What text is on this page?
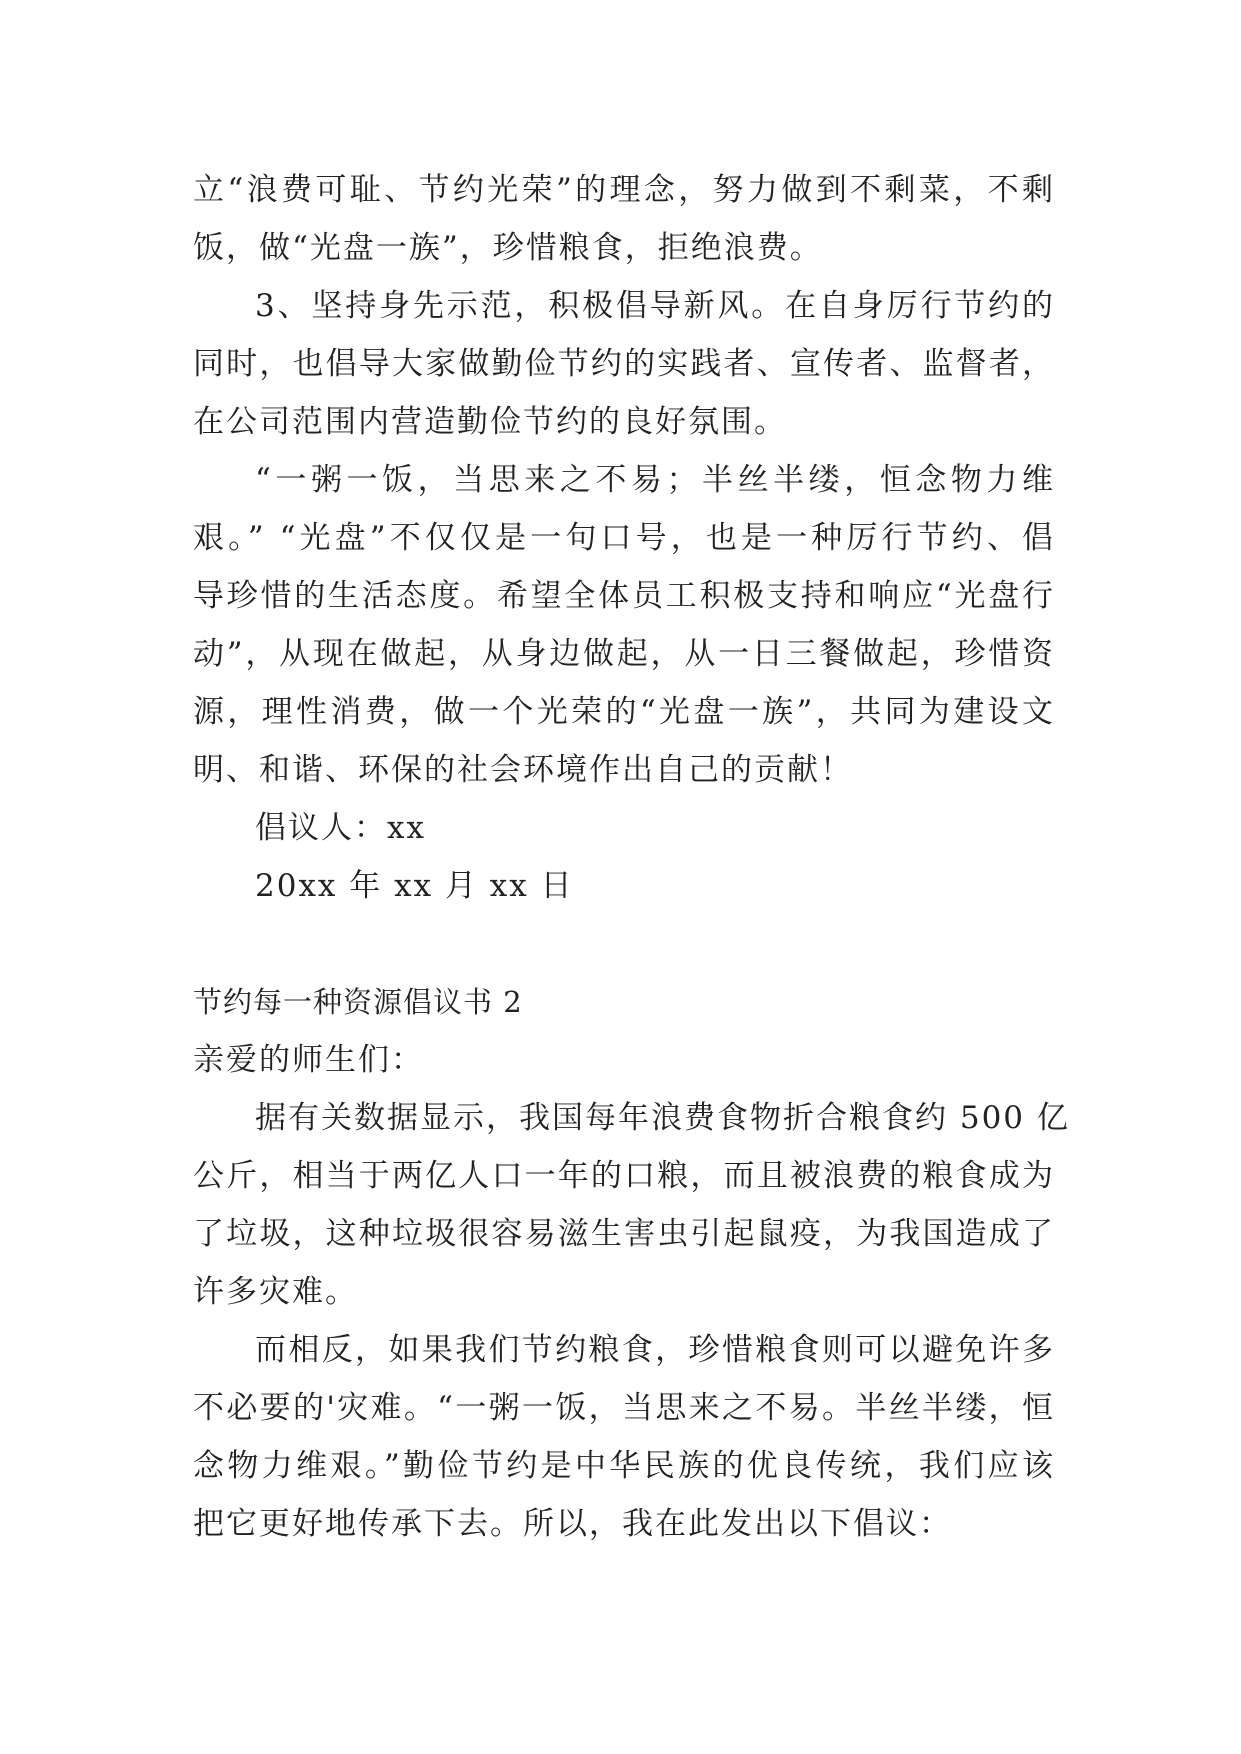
立“浪费可耻、节约光荣”的理念，努力做到不剩菜，不剩
饭，做“光盘一族”，珍惜粮食，拒绝浪费。
3、坚持身先示范，积极倡导新风。在自身厉行节约的
同时，也倡导大家做勤俭节约的实践者、宣传者、监督者，
在公司范围内营造勤俭节约的良好氛围。
“一粥一饭，当思来之不易；半丝半缕，恒念物力维
艰。” “光盘”不仅仅是一句口号，也是一种厉行节约、倡
导珍惜的生活态度。希望全体员工积极支持和响应“光盘行
动”，从现在做起，从身边做起，从一日三餐做起，珍惜资
源，理性消费，做一个光荣的“光盘一族”，共同为建设文
明、和谐、环保的社会环境作出自己的贡献！
倡议人：xx
20xx 年 xx 月 xx 日
节约每一种资源倡议书 2
亲爱的师生们：
据有关数据显示，我国每年浪费食物折合粮食约 500 亿
公斤，相当于两亿人口一年的口粮，而且被浪费的粮食成为
了垃圾，这种垃圾很容易滋生害虫引起鼠疫，为我国造成了
许多灾难。
而相反，如果我们节约粮食，珍惜粮食则可以避免许多
不必要的'灾难。“一粥一饭，当思来之不易。半丝半缕，恒
念物力维艰。”勤俭节约是中华民族的优良传统，我们应该
把它更好地传承下去。所以，我在此发出以下倡议：
